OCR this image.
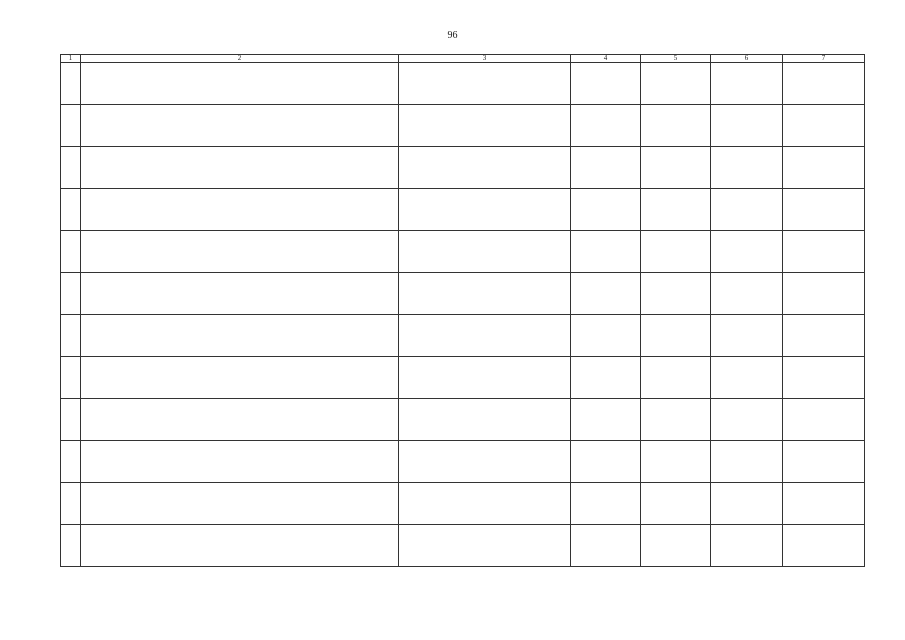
96
1	2	3	4	5	6	7
